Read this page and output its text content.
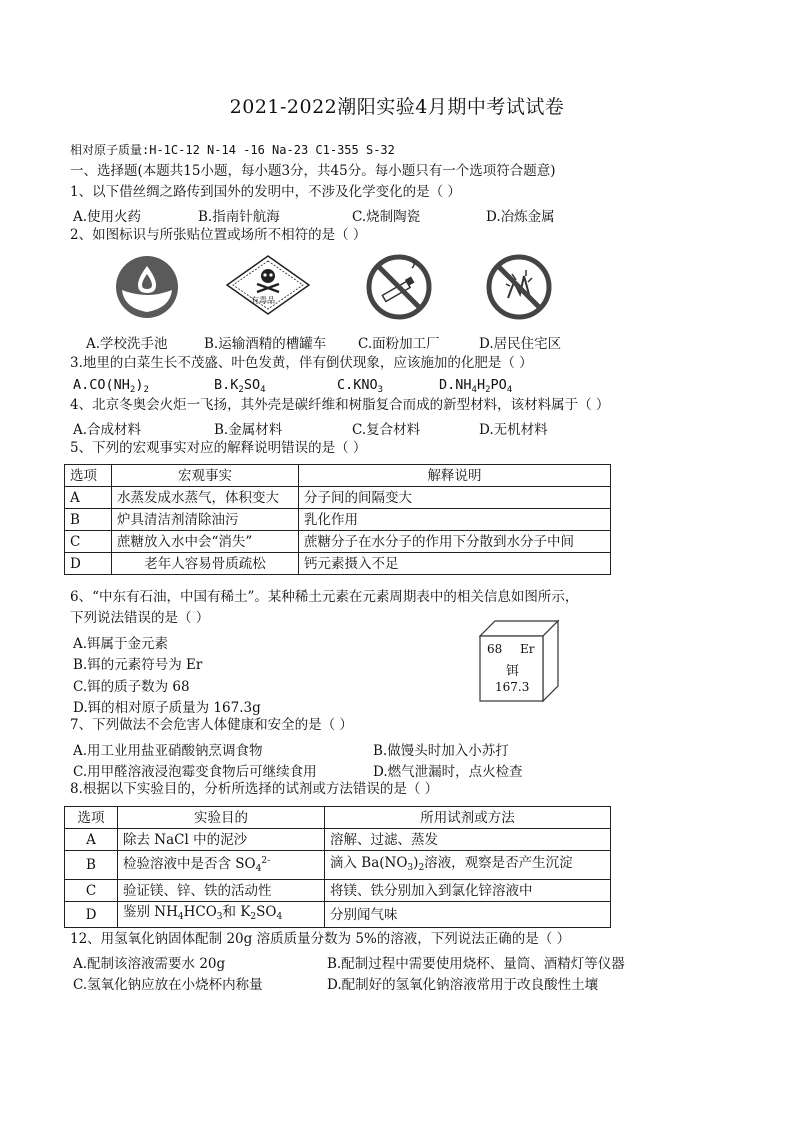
2021-2022潮阳实验4月期中考试试卷
相对原子质量:H-1C-12 N-14 -16 Na-23 C1-355 S-32
一、选择题(本题共15小题，每小题3分，共45分。每小题只有一个选项符合题意)
1、以下借丝绸之路传到国外的发明中，不涉及化学变化的是（ ）
A.使用火药	B.指南针航海	C.烧制陶瓷	D.冶炼金属
2、如图标识与所张贴位置或场所不相符的是（ ）
有毒品
A.学校洗手池	B.运输酒精的槽罐车 C.面粉加工厂	D.居民住宅区
3.地里的白菜生长不茂盛、叶色发黄，伴有倒伏现象，应该施加的化肥是（ ）
$A.CO(NH_2)_2$	$B.K_2SO_4$	$C.KNO_3$	$D.NH_4H_2PO_4$
4、北京冬奥会火炬一飞扬，其外壳是碳纤维和树脂复合而成的新型材料，该材料属于（ ）
A.合成材料	B.金属材料	C.复合材料	D.无机材料
5、下列的宏观事实对应的解释说明错误的是（ ）
选项	宏观事实	解释说明
A	水蒸发成水蒸气，体积变大	分子间的间隔变大
B	炉具清洁剂清除油污	乳化作用
C	蔗糖放入水中会“消失”	蔗糖分子在水分子的作用下分散到水分子中间
D	老年人容易骨质疏松	钙元素摄入不足
6、“中东有石油，中国有稀土”。某种稀土元素在元素周期表中的相关信息如图所示，
下列说法错误的是（ ）
A.铒属于金元素
B.铒的元素符号为 Er
C.铒的质子数为 68
D.铒的相对原子质量为 167.3g
68 Er
铒
167.3
7、下列做法不会危害人体健康和安全的是（ ）
A.用工业用盐亚硝酸钠烹调食物	B.做馒头时加入小苏打
C.用甲醛溶液浸泡霉变食物后可继续食用	D.燃气泄漏时，点火检查
8.根据以下实验目的，分析所选择的试剂或方法错误的是（ ）
选项	实验目的	所用试剂或方法
A	除去 NaCl 中的泥沙	溶解、过滤、蒸发
B	检验溶液中是否含 $SO_4^{2-}$	滴入 $Ba(NO_3)_2$溶液，观察是否产生沉淀
C	验证镁、锌、铁的活动性	将镁、铁分别加入到氯化锌溶液中
D	鉴别 $NH_4HCO_3$和 $K_2SO_4$	分别闻气味
12、用氢氧化钠固体配制 20g 溶质质量分数为 5%的溶液，下列说法正确的是（ ）
A.配制该溶液需要水 20g	B.配制过程中需要使用烧杯、量筒、酒精灯等仪器
C.氢氧化钠应放在小烧杯内称量	D.配制好的氢氧化钠溶液常用于改良酸性土壤
